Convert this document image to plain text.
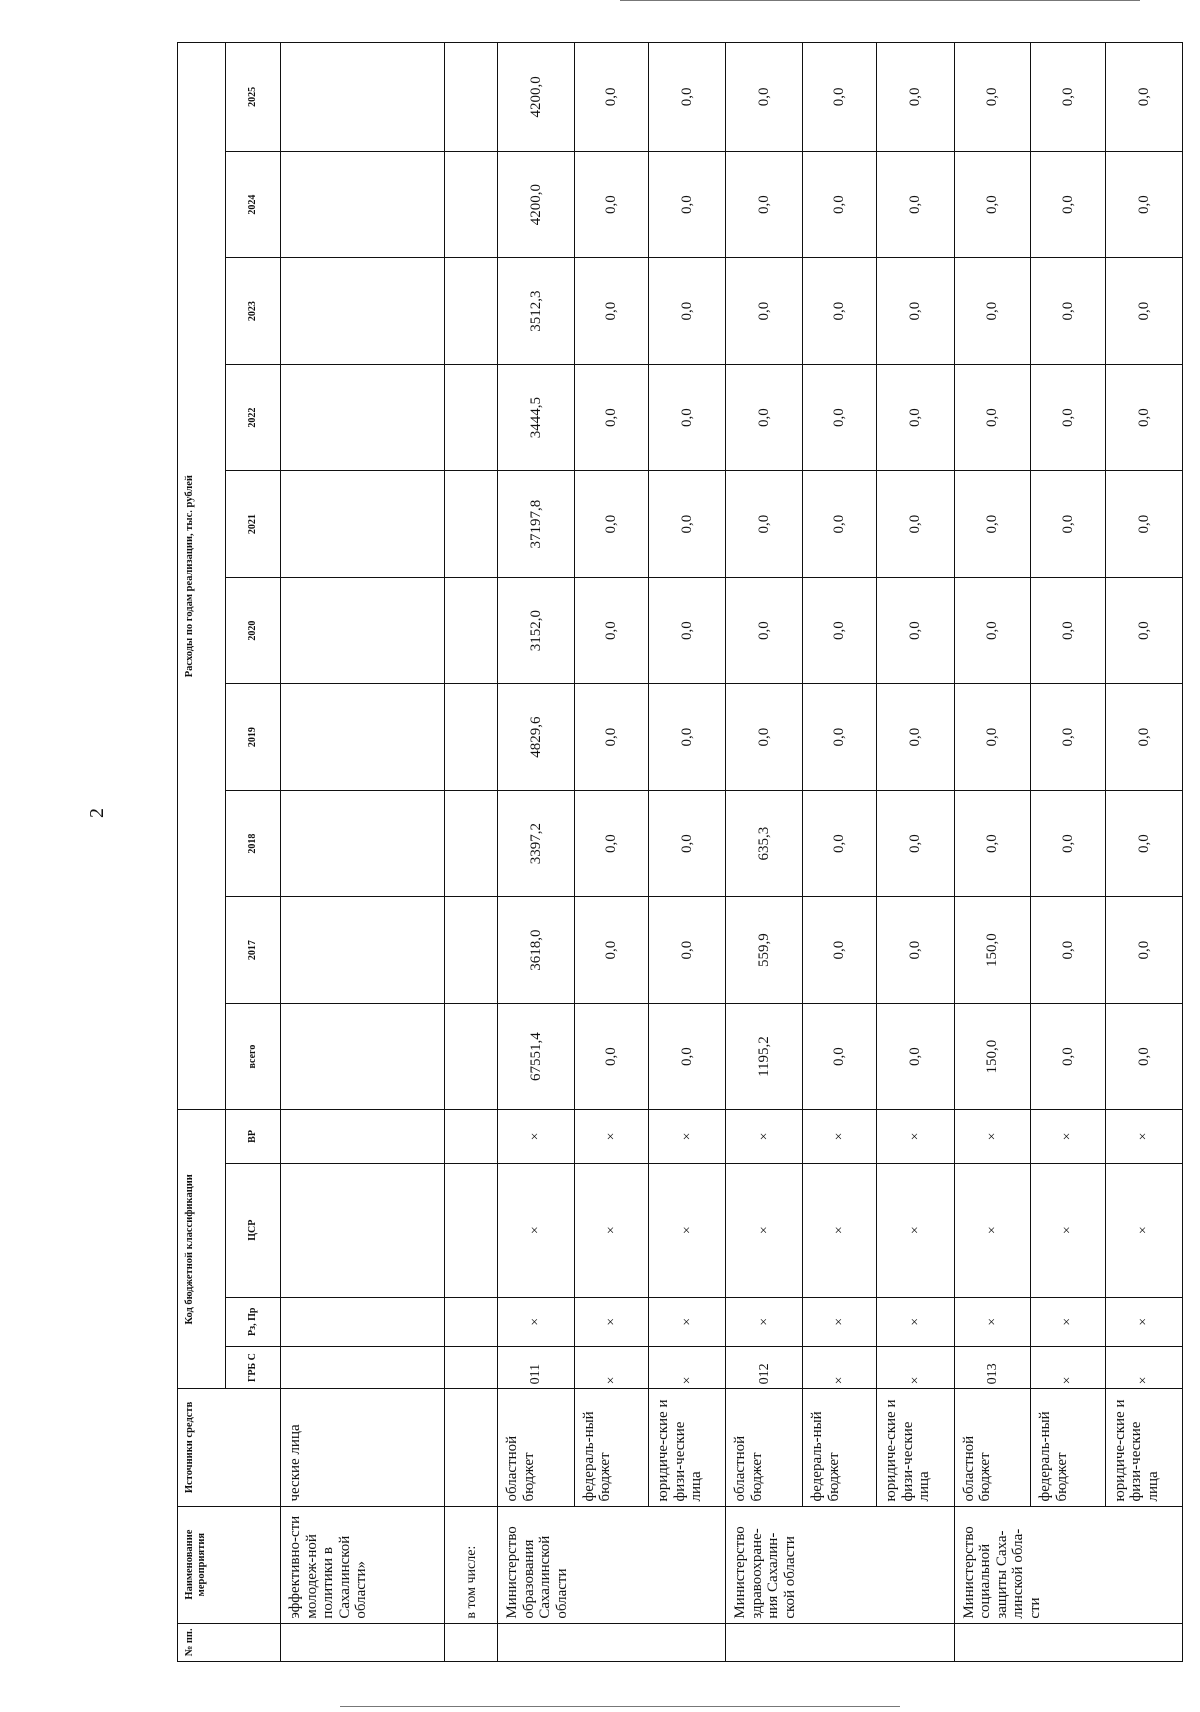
2
№ пп.	Наименование мероприятия	Источники средств	Код бюджетной классификации				Расходы по годам реализации, тыс. рублей									
			ГРБ С	Рз, Пр	ЦСР	ВР	всего	2017	2018	2019	2020	2021	2022	2023	2024	2025
	эффективно-сти молодеж-ной политики в Сахалинской области»	ческие лица														
	в том числе:															
	Министерство образования Сахалинской области	областной бюджет	011	×	×	×	67551,4	3618,0	3397,2	4829,6	3152,0	37197,8	3444,5	3512,3	4200,0	4200,0
		федераль-ный бюджет	×	×	×	×	0,0	0,0	0,0	0,0	0,0	0,0	0,0	0,0	0,0	0,0
		юридиче-ские и физи-ческие лица	×	×	×	×	0,0	0,0	0,0	0,0	0,0	0,0	0,0	0,0	0,0	0,0
	Министерство здравоохране-ния Сахалин-ской области	областной бюджет	012	×	×	×	1195,2	559,9	635,3	0,0	0,0	0,0	0,0	0,0	0,0	0,0
		федераль-ный бюджет	×	×	×	×	0,0	0,0	0,0	0,0	0,0	0,0	0,0	0,0	0,0	0,0
		юридиче-ские и физи-ческие лица	×	×	×	×	0,0	0,0	0,0	0,0	0,0	0,0	0,0	0,0	0,0	0,0
	Министерство социальной защиты Саха-линской обла-сти	областной бюджет	013	×	×	×	150,0	150,0	0,0	0,0	0,0	0,0	0,0	0,0	0,0	0,0
		федераль-ный бюджет	×	×	×	×	0,0	0,0	0,0	0,0	0,0	0,0	0,0	0,0	0,0	0,0
		юридиче-ские и физи-ческие лица	×	×	×	×	0,0	0,0	0,0	0,0	0,0	0,0	0,0	0,0	0,0	0,0
